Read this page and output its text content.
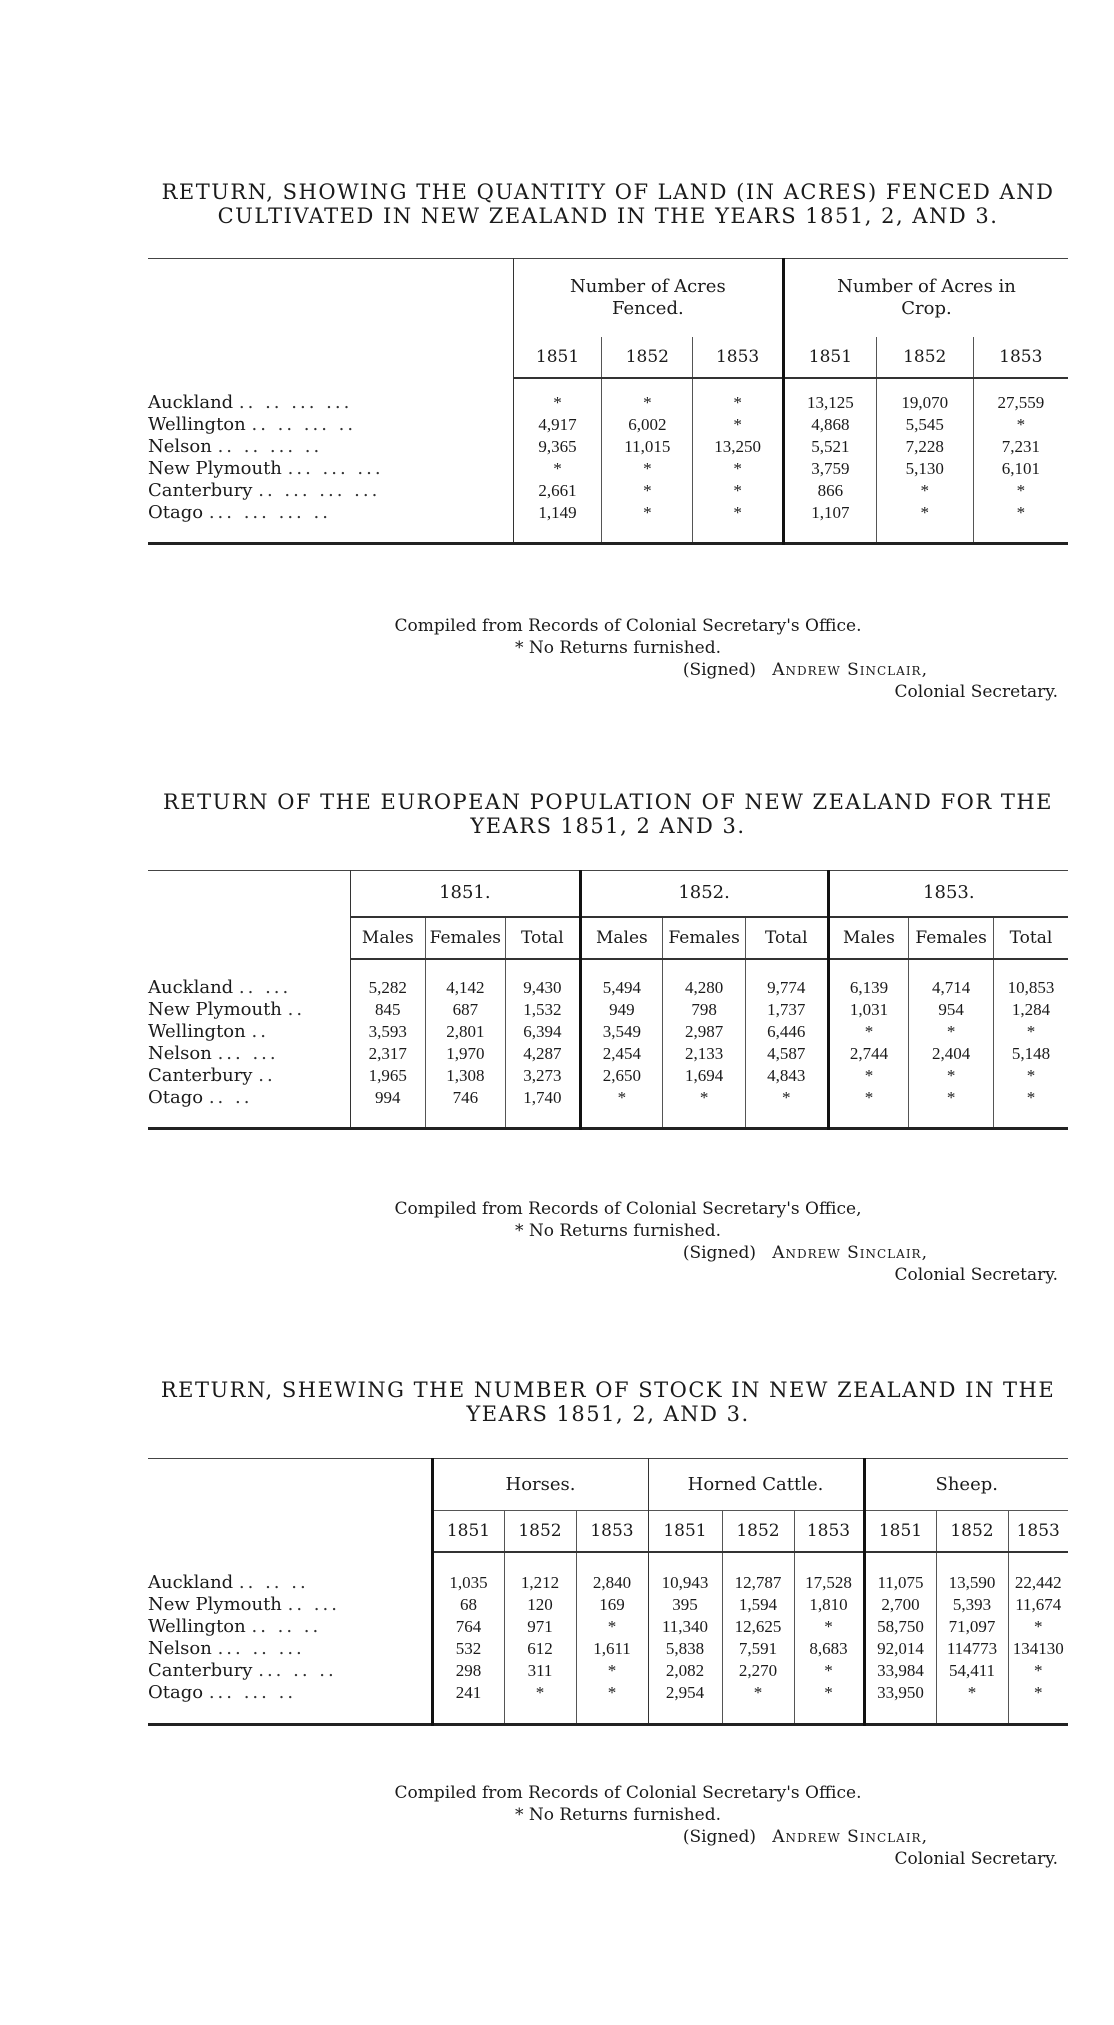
RETURN, SHOWING THE QUANTITY OF LAND (IN ACRES) FENCED AND
CULTIVATED IN NEW ZEALAND IN THE YEARS 1851, 2, AND 3.
	Number of Acres Fenced.			Number of Acres in Crop.		
	1851	1852	1853	1851	1852	1853

Auckland .. .. ... ...	*	*	*	13,125	19,070	27,559
Wellington .. .. ... ..	4,917	6,002	*	4,868	5,545	*
Nelson .. .. ... ..	9,365	11,015	13,250	5,521	7,228	7,231
New Plymouth ... ... ...	*	*	*	3,759	5,130	6,101
Canterbury .. ... ... ...	2,661	*	*	866	*	*
Otago ... ... ... ..	1,149	*	*	1,107	*	*

Compiled from Records of Colonial Secretary's Office.
* No Returns furnished.
(Signed) Andrew Sinclair,
Colonial Secretary.
RETURN OF THE EUROPEAN POPULATION OF NEW ZEALAND FOR THE
YEARS 1851, 2 AND 3.
	1851.			1852.			1853.		
	Males	Females	Total	Males	Females	Total	Males	Females	Total

Auckland .. ...	5,282	4,142	9,430	5,494	4,280	9,774	6,139	4,714	10,853
New Plymouth ..	845	687	1,532	949	798	1,737	1,031	954	1,284
Wellington ..	3,593	2,801	6,394	3,549	2,987	6,446	*	*	*
Nelson ... ...	2,317	1,970	4,287	2,454	2,133	4,587	2,744	2,404	5,148
Canterbury ..	1,965	1,308	3,273	2,650	1,694	4,843	*	*	*
Otago .. ..	994	746	1,740	*	*	*	*	*	*

Compiled from Records of Colonial Secretary's Office,
* No Returns furnished.
(Signed) Andrew Sinclair,
Colonial Secretary.
RETURN, SHEWING THE NUMBER OF STOCK IN NEW ZEALAND IN THE
YEARS 1851, 2, AND 3.
	Horses.			Horned Cattle.			Sheep.		
	1851	1852	1853	1851	1852	1853	1851	1852	1853

Auckland .. .. ..	1,035	1,212	2,840	10,943	12,787	17,528	11,075	13,590	22,442
New Plymouth .. ...	68	120	169	395	1,594	1,810	2,700	5,393	11,674
Wellington .. .. ..	764	971	*	11,340	12,625	*	58,750	71,097	*
Nelson ... .. ...	532	612	1,611	5,838	7,591	8,683	92,014	114773	134130
Canterbury ... .. ..	298	311	*	2,082	2,270	*	33,984	54,411	*
Otago ... ... ..	241	*	*	2,954	*	*	33,950	*	*

Compiled from Records of Colonial Secretary's Office.
* No Returns furnished.
(Signed) Andrew Sinclair,
Colonial Secretary.
